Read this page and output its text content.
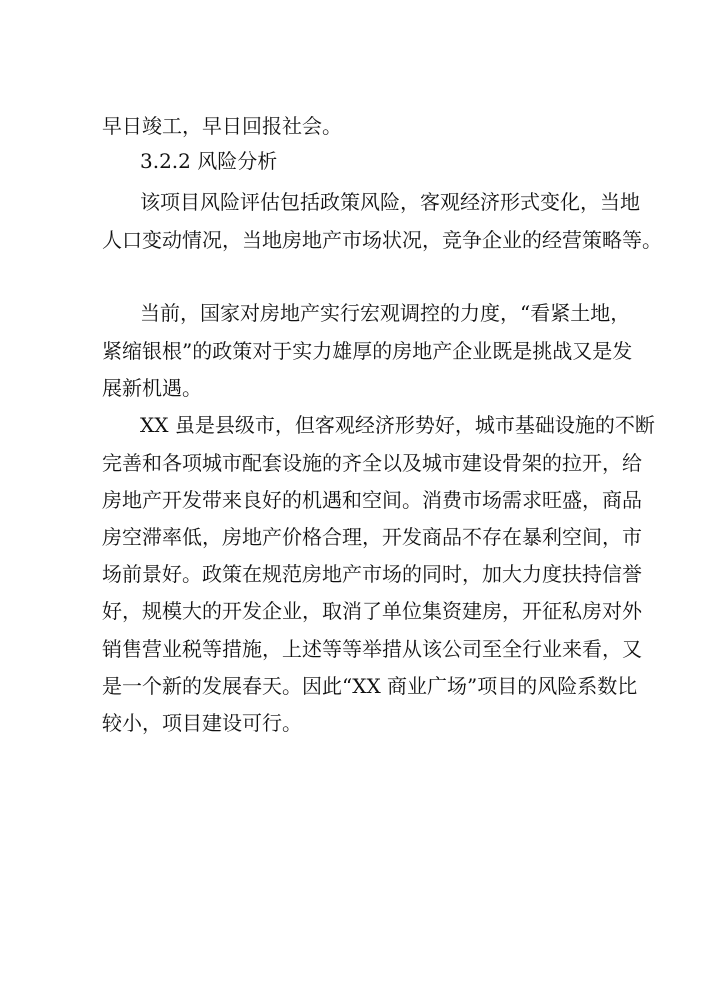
早日竣工，早日回报社会。

3.2.2 风险分析

该项目风险评估包括政策风险，客观经济形式变化，当地

人口变动情况，当地房地产市场状况，竞争企业的经营策略等。

当前，国家对房地产实行宏观调控的力度，“看紧土地，

紧缩银根”的政策对于实力雄厚的房地产企业既是挑战又是发

展新机遇。

XX 虽是县级市，但客观经济形势好，城市基础设施的不断

完善和各项城市配套设施的齐全以及城市建设骨架的拉开，给

房地产开发带来良好的机遇和空间。消费市场需求旺盛，商品

房空滞率低，房地产价格合理，开发商品不存在暴利空间，市

场前景好。政策在规范房地产市场的同时，加大力度扶持信誉

好，规模大的开发企业，取消了单位集资建房，开征私房对外

销售营业税等措施，上述等等举措从该公司至全行业来看，又

是一个新的发展春天。因此“XX 商业广场”项目的风险系数比

较小，项目建设可行。
